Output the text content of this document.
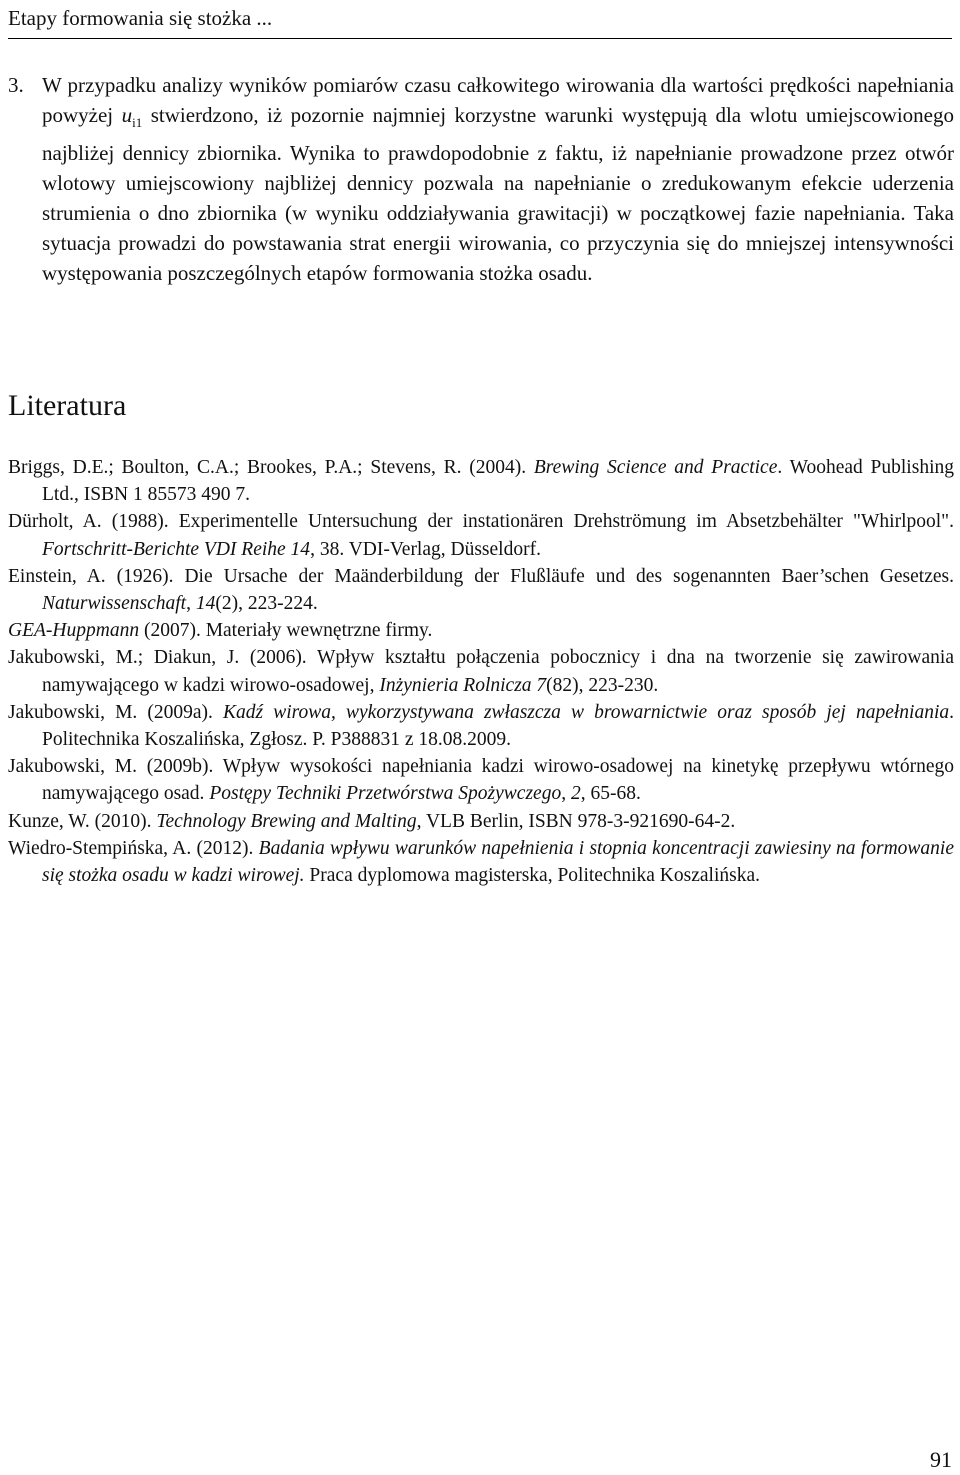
Etapy formowania się stożka ...
3. W przypadku analizy wyników pomiarów czasu całkowitego wirowania dla wartości prędkości napełniania powyżej $u_{i1}$ stwierdzono, iż pozornie najmniej korzystne warunki występują dla wlotu umiejscowionego najbliżej dennicy zbiornika. Wynika to prawdopodobnie z faktu, iż napełnianie prowadzone przez otwór wlotowy umiejscowiony najbliżej dennicy pozwala na napełnianie o zredukowanym efekcie uderzenia strumienia o dno zbiornika (w wyniku oddziaływania grawitacji) w początkowej fazie napełniania. Taka sytuacja prowadzi do powstawania strat energii wirowania, co przyczynia się do mniejszej intensywności występowania poszczególnych etapów formowania stożka osadu.
Literatura

Briggs, D.E.; Boulton, C.A.; Brookes, P.A.; Stevens, R. (2004). Brewing Science and Practice. Woohead Publishing Ltd., ISBN 1 85573 490 7.

Dürholt, A. (1988). Experimentelle Untersuchung der instationären Drehströmung im Absetzbehälter "Whirlpool". Fortschritt-Berichte VDI Reihe 14, 38. VDI-Verlag, Düsseldorf.

Einstein, A. (1926). Die Ursache der Maänderbildung der Flußläufe und des sogenannten Baer’schen Gesetzes. Naturwissenschaft, 14(2), 223-224.

GEA-Huppmann (2007). Materiały wewnętrzne firmy.

Jakubowski, M.; Diakun, J. (2006). Wpływ kształtu połączenia pobocznicy i dna na tworzenie się zawirowania namywającego w kadzi wirowo-osadowej, Inżynieria Rolnicza 7(82), 223-230.

Jakubowski, M. (2009a). Kadź wirowa, wykorzystywana zwłaszcza w browarnictwie oraz sposób jej napełniania. Politechnika Koszalińska, Zgłosz. P. P388831 z 18.08.2009.

Jakubowski, M. (2009b). Wpływ wysokości napełniania kadzi wirowo-osadowej na kinetykę przepływu wtórnego namywającego osad. Postępy Techniki Przetwórstwa Spożywczego, 2, 65-68.

Kunze, W. (2010). Technology Brewing and Malting, VLB Berlin, ISBN 978-3-921690-64-2.

Wiedro-Stempińska, A. (2012). Badania wpływu warunków napełnienia i stopnia koncentracji zawiesiny na formowanie się stożka osadu w kadzi wirowej. Praca dyplomowa magisterska, Politechnika Koszalińska.

91
